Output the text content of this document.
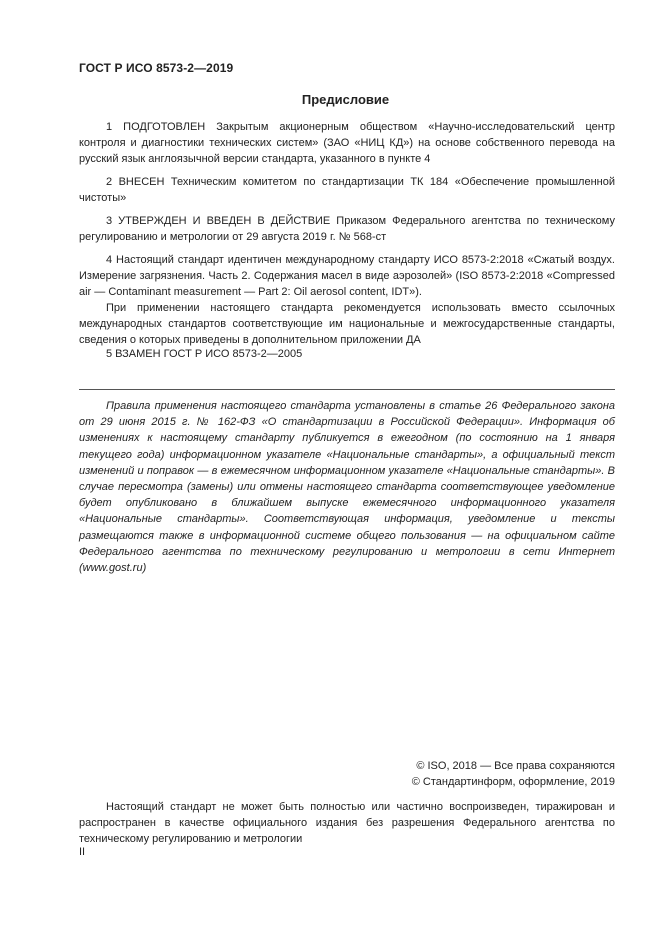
ГОСТ Р ИСО 8573-2—2019
Предисловие

1 ПОДГОТОВЛЕН Закрытым акционерным обществом «Научно-исследовательский центр контроля и диагностики технических систем» (ЗАО «НИЦ КД») на основе собственного перевода на русский язык англоязычной версии стандарта, указанного в пункте 4

2 ВНЕСЕН Техническим комитетом по стандартизации ТК 184 «Обеспечение промышленной чистоты»

3 УТВЕРЖДЕН И ВВЕДЕН В ДЕЙСТВИЕ Приказом Федерального агентства по техническому регулированию и метрологии от 29 августа 2019 г. № 568-ст

4 Настоящий стандарт идентичен международному стандарту ИСО 8573-2:2018 «Сжатый воздух. Измерение загрязнения. Часть 2. Содержания масел в виде аэрозолей» (ISO 8573-2:2018 «Compressed air — Contaminant measurement — Part 2: Oil aerosol content, IDT»).

При применении настоящего стандарта рекомендуется использовать вместо ссылочных международных стандартов соответствующие им национальные и межгосударственные стандарты, сведения о которых приведены в дополнительном приложении ДА

5 ВЗАМЕН ГОСТ Р ИСО 8573-2—2005

Правила применения настоящего стандарта установлены в статье 26 Федерального закона от 29 июня 2015 г. № 162-ФЗ «О стандартизации в Российской Федерации». Информация об изменениях к настоящему стандарту публикуется в ежегодном (по состоянию на 1 января текущего года) информационном указателе «Национальные стандарты», а официальный текст изменений и поправок — в ежемесячном информационном указателе «Национальные стандарты». В случае пересмотра (замены) или отмены настоящего стандарта соответствующее уведомление будет опубликовано в ближайшем выпуске ежемесячного информационного указателя «Национальные стандарты». Соответствующая информация, уведомление и тексты размещаются также в информационной системе общего пользования — на официальном сайте Федерального агентства по техническому регулированию и метрологии в сети Интернет (www.gost.ru)

© ISO, 2018 — Все права сохраняются
© Стандартинформ, оформление, 2019

Настоящий стандарт не может быть полностью или частично воспроизведен, тиражирован и распространен в качестве официального издания без разрешения Федерального агентства по техническому регулированию и метрологии

II
